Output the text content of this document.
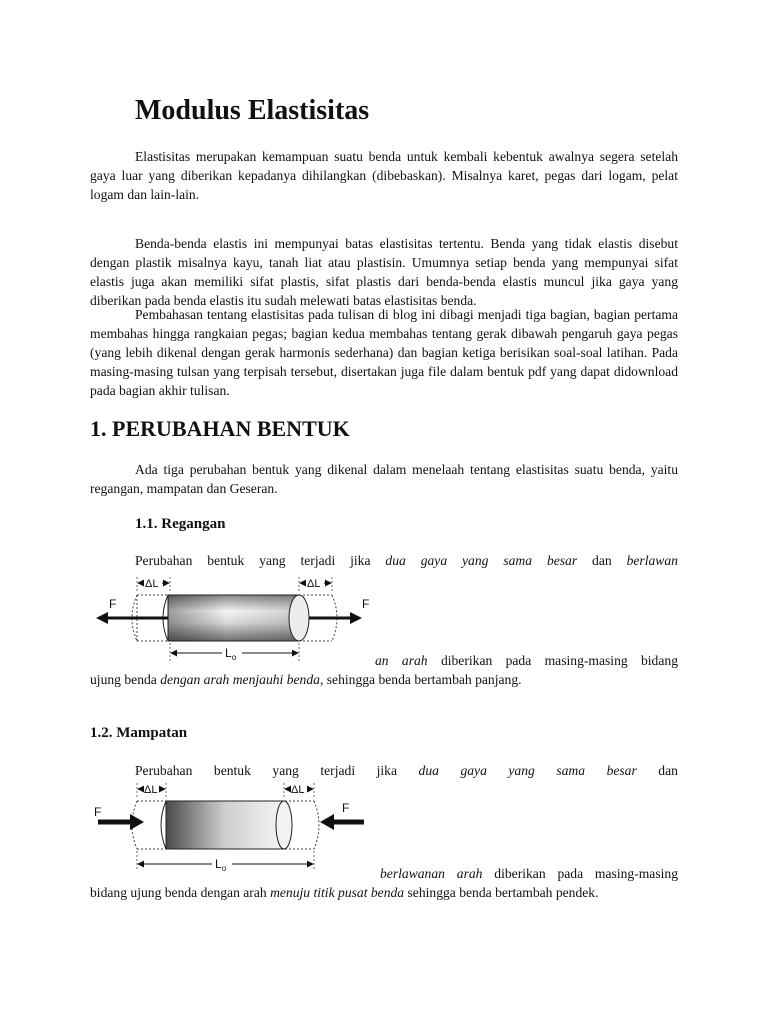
Modulus Elastisitas

Elastisitas merupakan kemampuan suatu benda untuk kembali kebentuk awalnya segera setelah gaya luar yang diberikan kepadanya dihilangkan (dibebaskan). Misalnya karet, pegas dari logam, pelat logam dan lain-lain.

Benda-benda elastis ini mempunyai batas elastisitas tertentu. Benda yang tidak elastis disebut dengan plastik misalnya kayu, tanah liat atau plastisin. Umumnya setiap benda yang mempunyai sifat elastis juga akan memiliki sifat plastis, sifat plastis dari benda-benda elastis muncul jika gaya yang diberikan pada benda elastis itu sudah melewati batas elastisitas benda.

Pembahasan tentang elastisitas pada tulisan di blog ini dibagi menjadi tiga bagian, bagian pertama membahas hingga rangkaian pegas; bagian kedua membahas tentang gerak dibawah pengaruh gaya pegas (yang lebih dikenal dengan gerak harmonis sederhana) dan bagian ketiga berisikan soal-soal latihan. Pada masing-masing tulsan yang terpisah tersebut, disertakan juga file dalam bentuk pdf yang dapat didownload pada bagian akhir tulisan.

1. PERUBAHAN BENTUK

Ada tiga perubahan bentuk yang dikenal dalam menelaah tentang elastisitas suatu benda, yaitu regangan, mampatan dan Geseran.

1.1. Regangan
Perubahan bentuk yang terjadi jika dua gaya yang sama besar dan berlawan
F	F
ΔL	ΔL
$L_o$	an arah diberikan pada masing-masing bidang
ujung benda dengan arah menjauhi benda, sehingga benda bertambah panjang.
1.2. Mampatan
Perubahan bentuk yang terjadi jika dua gaya yang sama besar dan
F	F
ΔL	ΔL
$L_o$	berlawanan arah diberikan pada masing-masing
bidang ujung benda dengan arah menuju titik pusat benda sehingga benda bertambah pendek.
